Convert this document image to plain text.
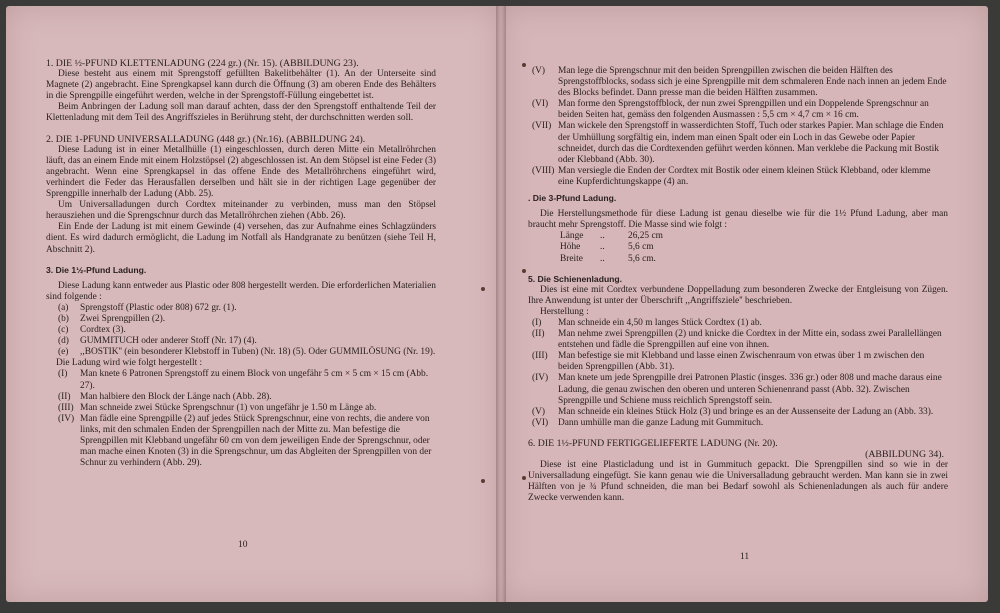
1. DIE ½-PFUND KLETTENLADUNG (224 gr.) (Nr. 15). (ABBILDUNG 23).

Diese besteht aus einem mit Sprengstoff gefüllten Bakelitbehälter (1). An der Unterseite sind Magnete (2) angebracht. Eine Sprengkapsel kann durch die Öffnung (3) am oberen Ende des Behälters in die Sprengpille eingeführt werden, welche in der Sprengstoff-Füllung eingebettet ist.

Beim Anbringen der Ladung soll man darauf achten, dass der den Sprengstoff enthaltende Teil der Klettenladung mit dem Teil des Angriffszieles in Berührung steht, der durchschnitten werden soll.

2. DIE 1-PFUND UNIVERSALLADUNG (448 gr.) (Nr.16). (ABBILDUNG 24).

Diese Ladung ist in einer Metallhülle (1) eingeschlossen, durch deren Mitte ein Metallröhrchen läuft, das an einem Ende mit einem Holzstöpsel (2) abgeschlossen ist. An dem Stöpsel ist eine Feder (3) angebracht. Wenn eine Sprengkapsel in das offene Ende des Metallröhrchens eingeführt wird, verhindert die Feder das Herausfallen derselben und hält sie in der richtigen Lage gegenüber der Sprengpille innerhalb der Ladung (Abb. 25).

Um Universalladungen durch Cordtex miteinander zu verbinden, muss man den Stöpsel herausziehen und die Sprengschnur durch das Metallröhrchen ziehen (Abb. 26).

Ein Ende der Ladung ist mit einem Gewinde (4) versehen, das zur Aufnahme eines Schlagzünders dient. Es wird dadurch ermöglicht, die Ladung im Notfall als Handgranate zu benützen (siehe Teil H, Abschnitt 2).

3. Die 1½-Pfund Ladung.

Diese Ladung kann entweder aus Plastic oder 808 hergestellt werden. Die erforderlichen Materialien sind folgende :

(a) Sprengstoff (Plastic oder 808) 672 gr. (1).
(b) Zwei Sprengpillen (2).
(c) Cordtex (3).
(d) GUMMITUCH oder anderer Stoff (Nr. 17) (4).
(e) ,,BOSTIK'' (ein besonderer Klebstoff in Tuben) (Nr. 18) (5). Oder GUMMILÖSUNG (Nr. 19).

Die Ladung wird wie folgt hergestellt :

(I) Man knete 6 Patronen Sprengstoff zu einem Block von ungefähr 5 cm × 5 cm × 15 cm (Abb. 27).
(II) Man halbiere den Block der Länge nach (Abb. 28).
(III) Man schneide zwei Stücke Sprengschnur (1) von ungefähr je 1.50 m Länge ab.
(IV) Man fädle eine Sprengpille (2) auf jedes Stück Sprengschnur, eine von rechts, die andere von links, mit den schmalen Enden der Sprengpillen nach der Mitte zu. Man befestige die Sprengpillen mit Klebband ungefähr 60 cm von dem jeweiligen Ende der Sprengschnur, oder man mache einen Knoten (3) in die Sprengschnur, um das Abgleiten der Sprengpillen von der Schnur zu verhindern (Abb. 29).
10
(V) Man lege die Sprengschnur mit den beiden Sprengpillen zwischen die beiden Hälften des Sprengstoffblocks, sodass sich je eine Sprengpille mit dem schmaleren Ende nach innen an jedem Ende des Blocks befindet. Dann presse man die beiden Hälften zusammen.
(VI) Man forme den Sprengstoffblock, der nun zwei Sprengpillen und ein Doppelende Sprengschnur an beiden Seiten hat, gemäss den folgenden Ausmassen : 5,5 cm × 4,7 cm × 16 cm.
(VII) Man wickele den Sprengstoff in wasserdichten Stoff, Tuch oder starkes Papier. Man schlage die Enden der Umhüllung sorgfältig ein, indem man einen Spalt oder ein Loch in das Gewebe oder Papier schneidet, durch das die Cordtexenden geführt werden können. Man verklebe die Packung mit Bostik oder Klebband (Abb. 30).
(VIII) Man versiegle die Enden der Cordtex mit Bostik oder einem kleinen Stück Klebband, oder klemme eine Kupferdichtungskappe (4) an.

. Die 3-Pfund Ladung.

Die Herstellungsmethode für diese Ladung ist genau dieselbe wie für die 1½ Pfund Ladung, aber man braucht mehr Sprengstoff. Die Masse sind wie folgt :

Länge .. 26,25 cm
Höhe .. 5,6 cm
Breite .. 5,6 cm.

5. Die Schienenladung.

Dies ist eine mit Cordtex verbundene Doppelladung zum besonderen Zwecke der Entgleisung von Zügen. Ihre Anwendung ist unter der Überschrift ,,Angriffsziele'' beschrieben.

Herstellung :

(I) Man schneide ein 4,50 m langes Stück Cordtex (1) ab.
(II) Man nehme zwei Sprengpillen (2) und knicke die Cordtex in der Mitte ein, sodass zwei Parallellängen entstehen und fädle die Sprengpillen auf eine von ihnen.
(III) Man befestige sie mit Klebband und lasse einen Zwischenraum von etwas über 1 m zwischen den beiden Sprengpillen (Abb. 31).
(IV) Man knete um jede Sprengpille drei Patronen Plastic (insges. 336 gr.) oder 808 und mache daraus eine Ladung, die genau zwischen den oberen und unteren Schienenrand passt (Abb. 32). Zwischen Sprengpille und Schiene muss reichlich Sprengstoff sein.
(V) Man schneide ein kleines Stück Holz (3) und bringe es an der Aussenseite der Ladung an (Abb. 33).
(VI) Dann umhülle man die ganze Ladung mit Gummituch.

6. DIE 1½-PFUND FERTIGGELIEFERTE LADUNG (Nr. 20).

(ABBILDUNG 34).

Diese ist eine Plasticladung und ist in Gummituch gepackt. Die Sprengpillen sind so wie in der Universalladung eingefügt. Sie kann genau wie die Universalladung gebraucht werden. Man kann sie in zwei Hälften von je ¾ Pfund schneiden, die man bei Bedarf sowohl als Schienenladungen als auch für andere Zwecke verwenden kann.

11
